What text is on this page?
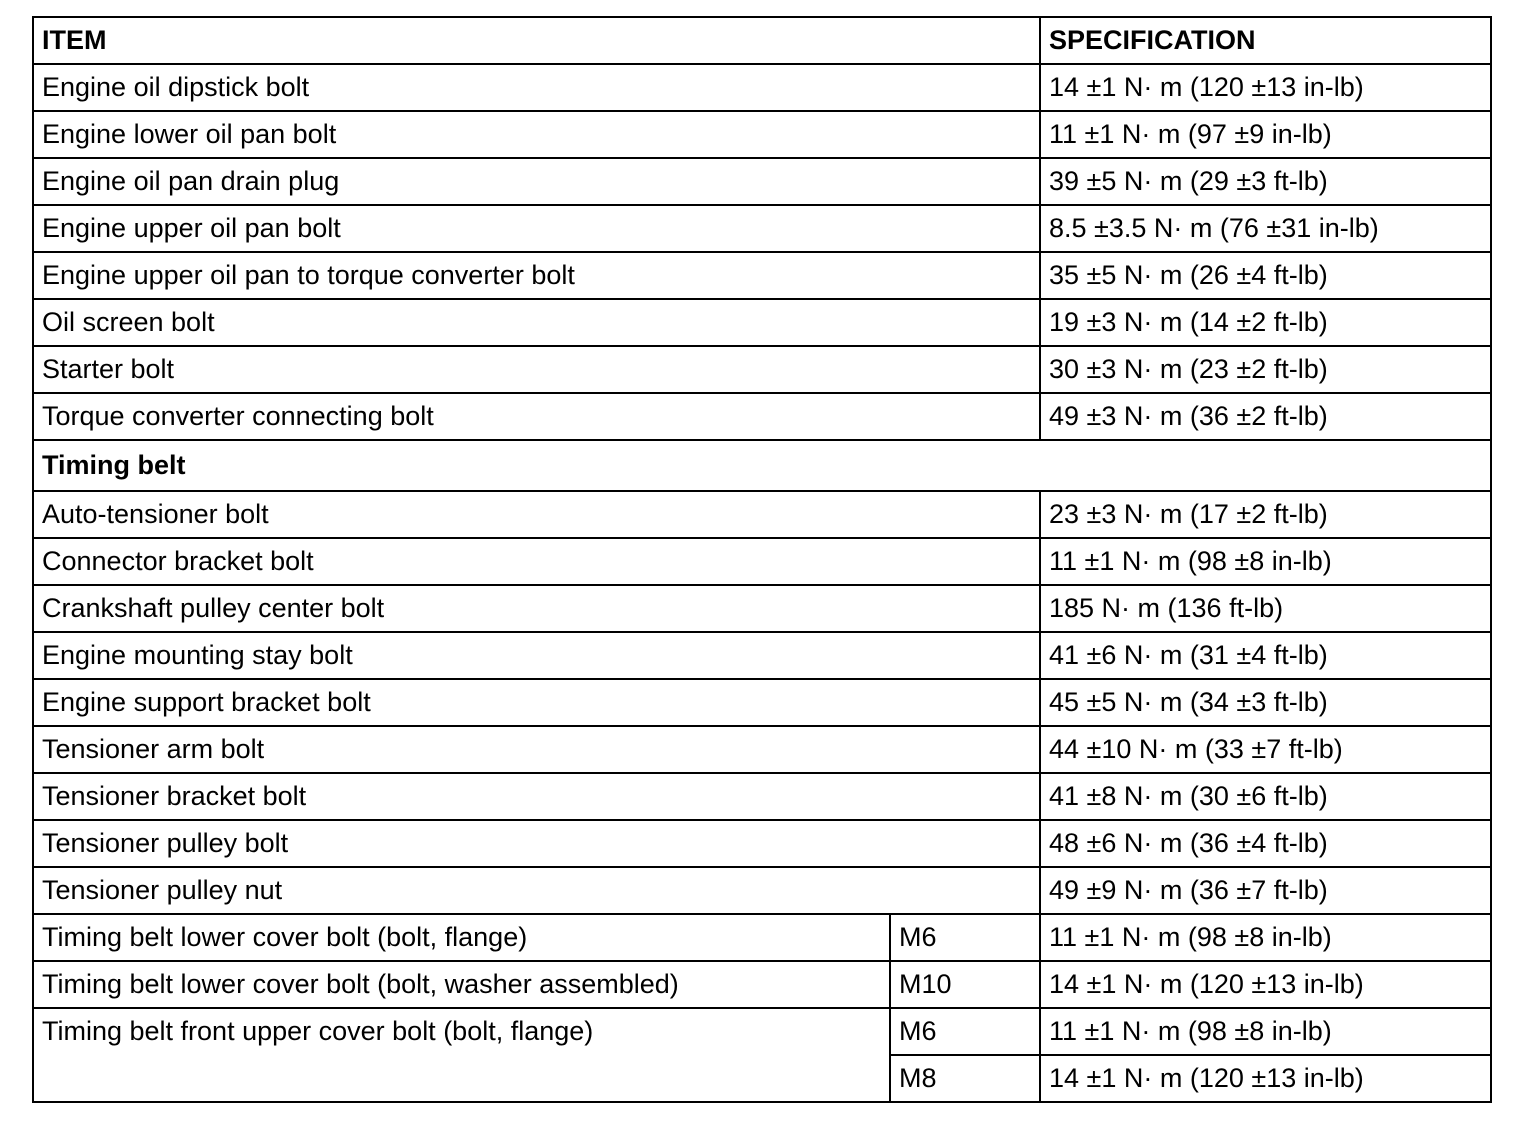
ITEM		SPECIFICATION
Engine oil dipstick bolt		14 ±1 N· m (120 ±13 in-lb)
Engine lower oil pan bolt		11 ±1 N· m (97 ±9 in-lb)
Engine oil pan drain plug		39 ±5 N· m (29 ±3 ft-lb)
Engine upper oil pan bolt		8.5 ±3.5 N· m (76 ±31 in-lb)
Engine upper oil pan to torque converter bolt		35 ±5 N· m (26 ±4 ft-lb)
Oil screen bolt		19 ±3 N· m (14 ±2 ft-lb)
Starter bolt		30 ±3 N· m (23 ±2 ft-lb)
Torque converter connecting bolt		49 ±3 N· m (36 ±2 ft-lb)
Timing belt		
Auto-tensioner bolt		23 ±3 N· m (17 ±2 ft-lb)
Connector bracket bolt		11 ±1 N· m (98 ±8 in-lb)
Crankshaft pulley center bolt		185 N· m (136 ft-lb)
Engine mounting stay bolt		41 ±6 N· m (31 ±4 ft-lb)
Engine support bracket bolt		45 ±5 N· m (34 ±3 ft-lb)
Tensioner arm bolt		44 ±10 N· m (33 ±7 ft-lb)
Tensioner bracket bolt		41 ±8 N· m (30 ±6 ft-lb)
Tensioner pulley bolt		48 ±6 N· m (36 ±4 ft-lb)
Tensioner pulley nut		49 ±9 N· m (36 ±7 ft-lb)
Timing belt lower cover bolt (bolt, flange)	M6	11 ±1 N· m (98 ±8 in-lb)
Timing belt lower cover bolt (bolt, washer assembled)	M10	14 ±1 N· m (120 ±13 in-lb)
Timing belt front upper cover bolt (bolt, flange)	M6	11 ±1 N· m (98 ±8 in-lb)
	M8	14 ±1 N· m (120 ±13 in-lb)
